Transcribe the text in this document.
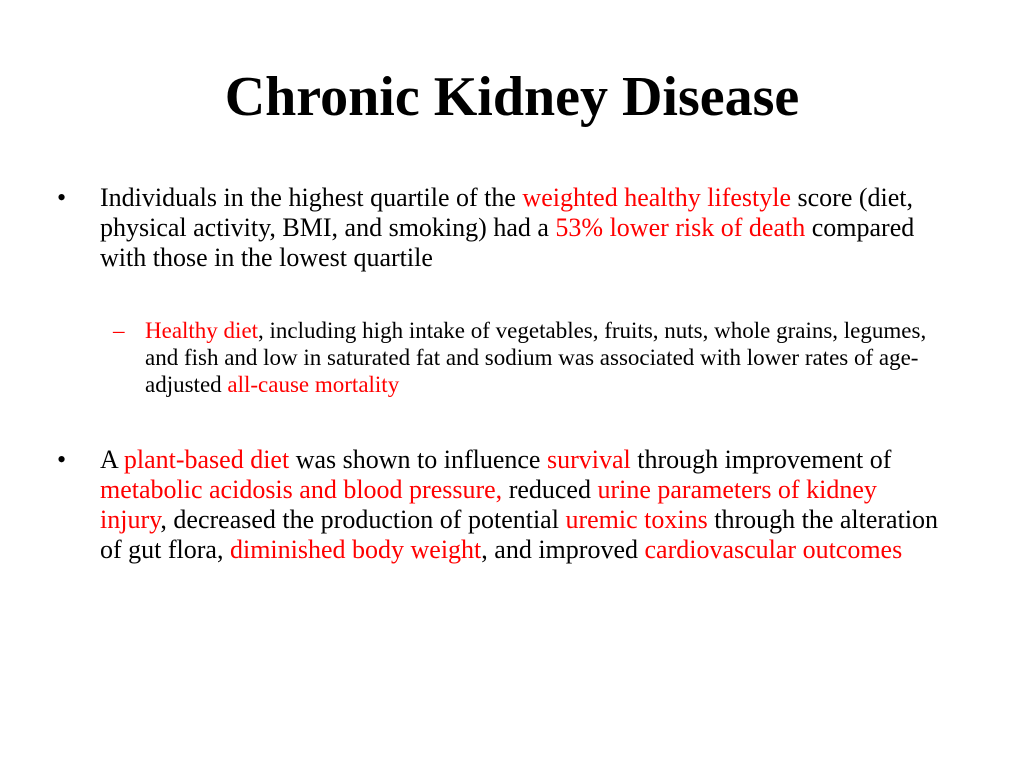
Chronic Kidney Disease
• Individuals in the highest quartile of the weighted healthy lifestyle score (diet, physical activity, BMI, and smoking) had a 53% lower risk of death compared with those in the lowest quartile
– Healthy diet, including high intake of vegetables, fruits, nuts, whole grains, legumes, and fish and low in saturated fat and sodium was associated with lower rates of age-adjusted all-cause mortality
• A plant-based diet was shown to influence survival through improvement of metabolic acidosis and blood pressure, reduced urine parameters of kidney injury, decreased the production of potential uremic toxins through the alteration of gut flora, diminished body weight, and improved cardiovascular outcomes
